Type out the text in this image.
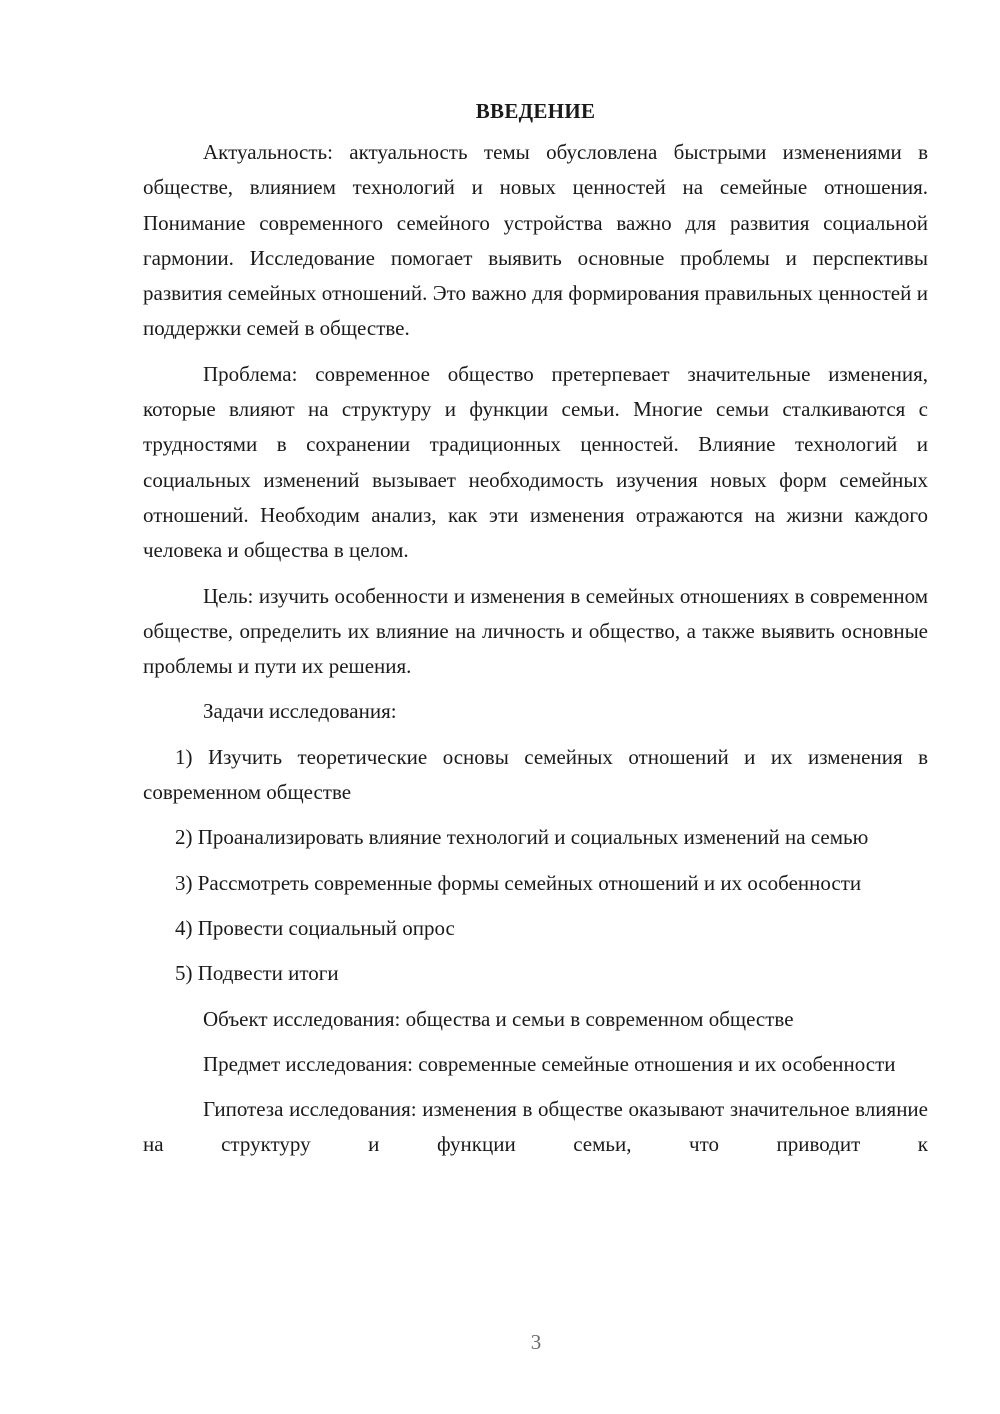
ВВЕДЕНИЕ

Актуальность: актуальность темы обусловлена быстрыми изменениями в обществе, влиянием технологий и новых ценностей на семейные отношения. Понимание современного семейного устройства важно для развития социальной гармонии. Исследование помогает выявить основные проблемы и перспективы развития семейных отношений. Это важно для формирования правильных ценностей и поддержки семей в обществе.

Проблема: современное общество претерпевает значительные изменения, которые влияют на структуру и функции семьи. Многие семьи сталкиваются с трудностями в сохранении традиционных ценностей. Влияние технологий и социальных изменений вызывает необходимость изучения новых форм семейных отношений. Необходим анализ, как эти изменения отражаются на жизни каждого человека и общества в целом.

Цель: изучить особенности и изменения в семейных отношениях в современном обществе, определить их влияние на личность и общество, а также выявить основные проблемы и пути их решения.

Задачи исследования:

1) Изучить теоретические основы семейных отношений и их изменения в современном обществе

2) Проанализировать влияние технологий и социальных изменений на семью

3) Рассмотреть современные формы семейных отношений и их особенности

4) Провести социальный опрос

5) Подвести итоги

Объект исследования: общества и семьи в современном обществе

Предмет исследования: современные семейные отношения и их особенности

Гипотеза исследования: изменения в обществе оказывают значительное влияние на структуру и функции семьи, что приводит к

3
